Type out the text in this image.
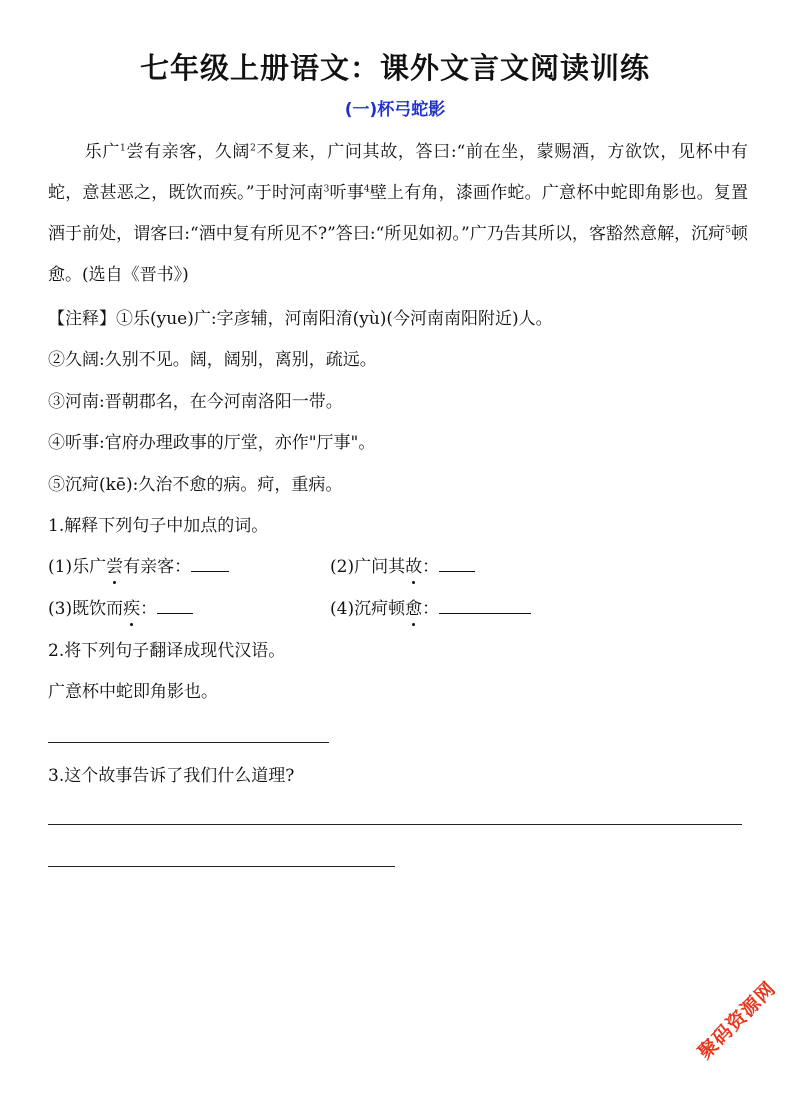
七年级上册语文：课外文言文阅读训练
(一)杯弓蛇影
乐广$^1$尝有亲客，久阔$^2$不复来，广问其故，答曰:“前在坐，蒙赐酒，方欲饮，见杯中有蛇，意甚恶之，既饮而疾。”于时河南$^3$听事$^4$壁上有角，漆画作蛇。广意杯中蛇即角影也。复置酒于前处，谓客曰:“酒中复有所见不?”答曰:“所见如初。”广乃告其所以，客豁然意解，沉疴$^5$顿愈。(选自《晋书》)
【注释】①乐(yue)广:字彦辅，河南阳淯(yù)(今河南南阳附近)人。
②久阔:久别不见。阔，阔别，离别，疏远。
③河南:晋朝郡名，在今河南洛阳一带。
④听事:官府办理政事的厅堂，亦作"厅事"。
⑤沉疴(kē):久治不愈的病。疴，重病。
1.解释下列句子中加点的词。
(1)乐广尝有亲客：	(2)广问其故：
(3)既饮而疾：	(4)沉疴顿愈：
2.将下列句子翻译成现代汉语。
广意杯中蛇即角影也。
3.这个故事告诉了我们什么道理?
聚码资源网
